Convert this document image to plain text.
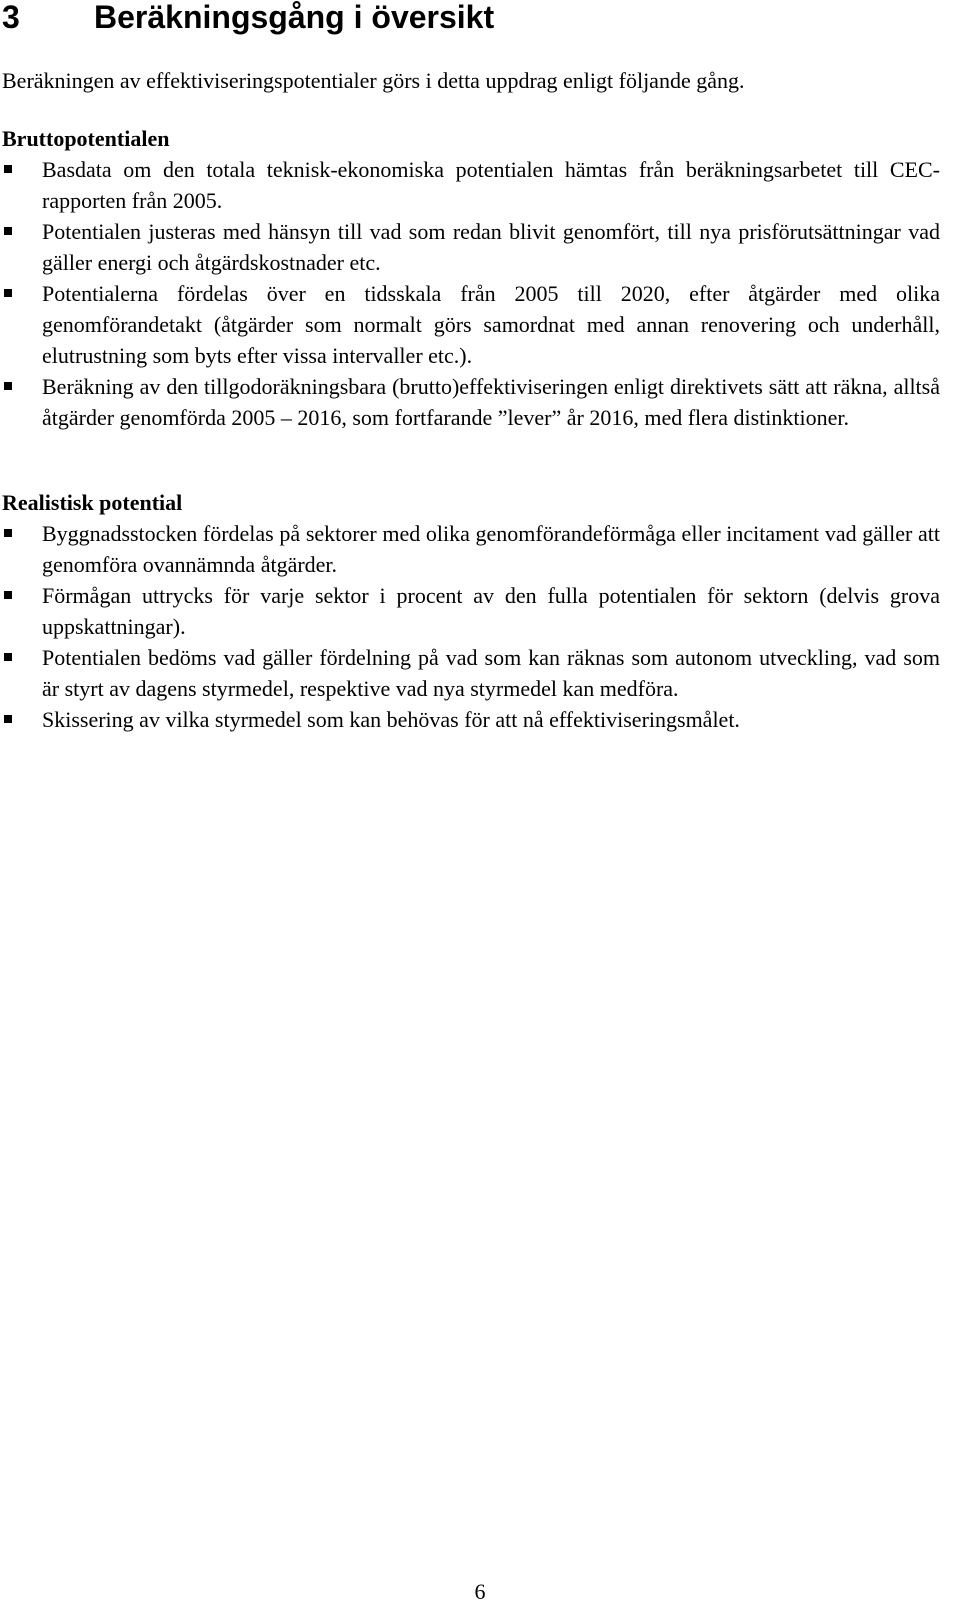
3 Beräkningsgång i översikt

Beräkningen av effektiviseringspotentialer görs i detta uppdrag enligt följande gång.

Bruttopotentialen
Basdata om den totala teknisk-ekonomiska potentialen hämtas från beräkningsarbetet till CEC-rapporten från 2005.
Potentialen justeras med hänsyn till vad som redan blivit genomfört, till nya prisförutsättningar vad gäller energi och åtgärdskostnader etc.
Potentialerna fördelas över en tidsskala från 2005 till 2020, efter åtgärder med olika genomförandetakt (åtgärder som normalt görs samordnat med annan renovering och underhåll, elutrustning som byts efter vissa intervaller etc.).
Beräkning av den tillgodoräkningsbara (brutto)effektiviseringen enligt direktivets sätt att räkna, alltså åtgärder genomförda 2005 – 2016, som fortfarande ”lever” år 2016, med flera distinktioner.
Realistisk potential
Byggnadsstocken fördelas på sektorer med olika genomförandeförmåga eller incitament vad gäller att genomföra ovannämnda åtgärder.
Förmågan uttrycks för varje sektor i procent av den fulla potentialen för sektorn (delvis grova uppskattningar).
Potentialen bedöms vad gäller fördelning på vad som kan räknas som autonom utveckling, vad som är styrt av dagens styrmedel, respektive vad nya styrmedel kan medföra.
Skissering av vilka styrmedel som kan behövas för att nå effektiviseringsmålet.

6
